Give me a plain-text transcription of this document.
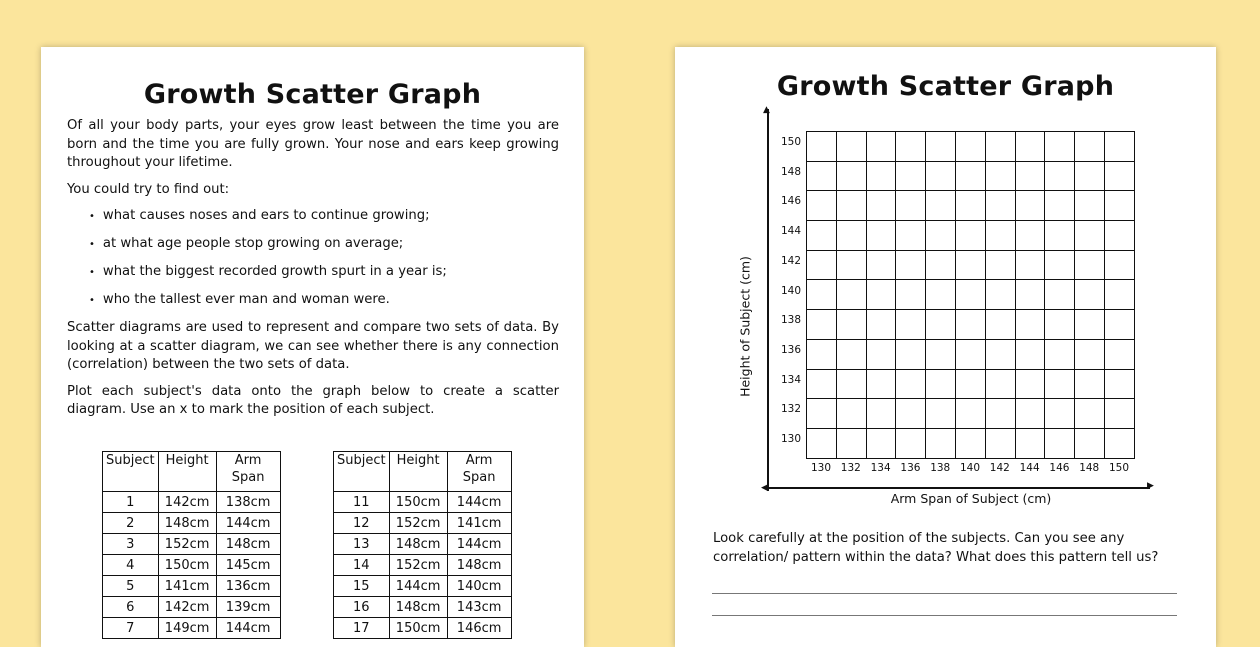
Growth Scatter Graph

Of all your body parts, your eyes grow least between the time you are born and the time you are fully grown. Your nose and ears keep growing throughout your lifetime.

You could try to find out:

• what causes noses and ears to continue growing;
• at what age people stop growing on average;
• what the biggest recorded growth spurt in a year is;
• who the tallest ever man and woman were.

Scatter diagrams are used to represent and compare two sets of data. By looking at a scatter diagram, we can see whether there is any connection (correlation) between the two sets of data.

Plot each subject's data onto the graph below to create a scatter diagram. Use an x to mark the position of each subject.

Subject	Height	Arm
Span
1	142cm	138cm
2	148cm	144cm
3	152cm	148cm
4	150cm	145cm
5	141cm	136cm
6	142cm	139cm
7	149cm	144cm
Subject	Height	Arm
Span
11	150cm	144cm
12	152cm	141cm
13	148cm	144cm
14	152cm	148cm
15	144cm	140cm
16	148cm	143cm
17	150cm	146cm
Growth Scatter Graph
▲
▶
◀

150
148
146
144
142
140
138
136
134
132
130
130 132 134 136 138 140 142 144 146 148 150
Height of Subject (cm)
Arm Span of Subject (cm)
Look carefully at the position of the subjects. Can you see any correlation/ pattern within the data? What does this pattern tell us?
